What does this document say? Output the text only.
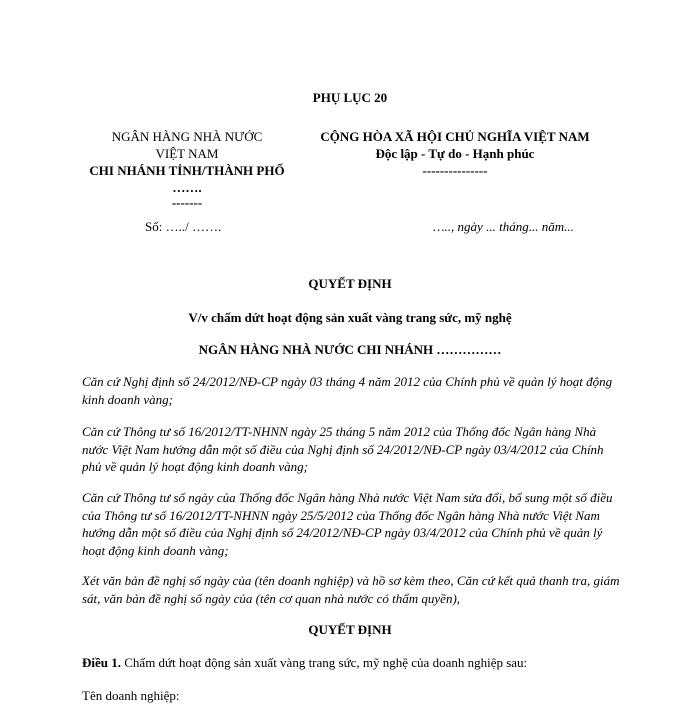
PHỤ LỤC 20
NGÂN HÀNG NHÀ NƯỚC
VIỆT NAM
CHI NHÁNH TỈNH/THÀNH PHỐ
…….
-------
CỘNG HÒA XÃ HỘI CHỦ NGHĨA VIỆT NAM
Độc lập - Tự do - Hạnh phúc
---------------
Số: …../ …….	….., ngày ... tháng... năm...
QUYẾT ĐỊNH
V/v chấm dứt hoạt động sản xuất vàng trang sức, mỹ nghệ
NGÂN HÀNG NHÀ NƯỚC CHI NHÁNH ……………
Căn cứ Nghị định số 24/2012/NĐ-CP ngày 03 tháng 4 năm 2012 của Chính phủ về quản lý hoạt động kinh doanh vàng;
Căn cứ Thông tư số 16/2012/TT-NHNN ngày 25 tháng 5 năm 2012 của Thống đốc Ngân hàng Nhà nước Việt Nam hướng dẫn một số điều của Nghị định số 24/2012/NĐ-CP ngày 03/4/2012 của Chính phủ về quản lý hoạt động kinh doanh vàng;
Căn cứ Thông tư số ngày của Thống đốc Ngân hàng Nhà nước Việt Nam sửa đổi, bổ sung một số điều của Thông tư số 16/2012/TT-NHNN ngày 25/5/2012 của Thống đốc Ngân hàng Nhà nước Việt Nam hướng dẫn một số điều của Nghị định số 24/2012/NĐ-CP ngày 03/4/2012 của Chính phủ về quản lý hoạt động kinh doanh vàng;
Xét văn bản đề nghị số ngày của (tên doanh nghiệp) và hồ sơ kèm theo, Căn cứ kết quả thanh tra, giám sát, văn bản đề nghị số ngày của (tên cơ quan nhà nước có thẩm quyền),
QUYẾT ĐỊNH
Điều 1. Chấm dứt hoạt động sản xuất vàng trang sức, mỹ nghệ của doanh nghiệp sau:
Tên doanh nghiệp:
